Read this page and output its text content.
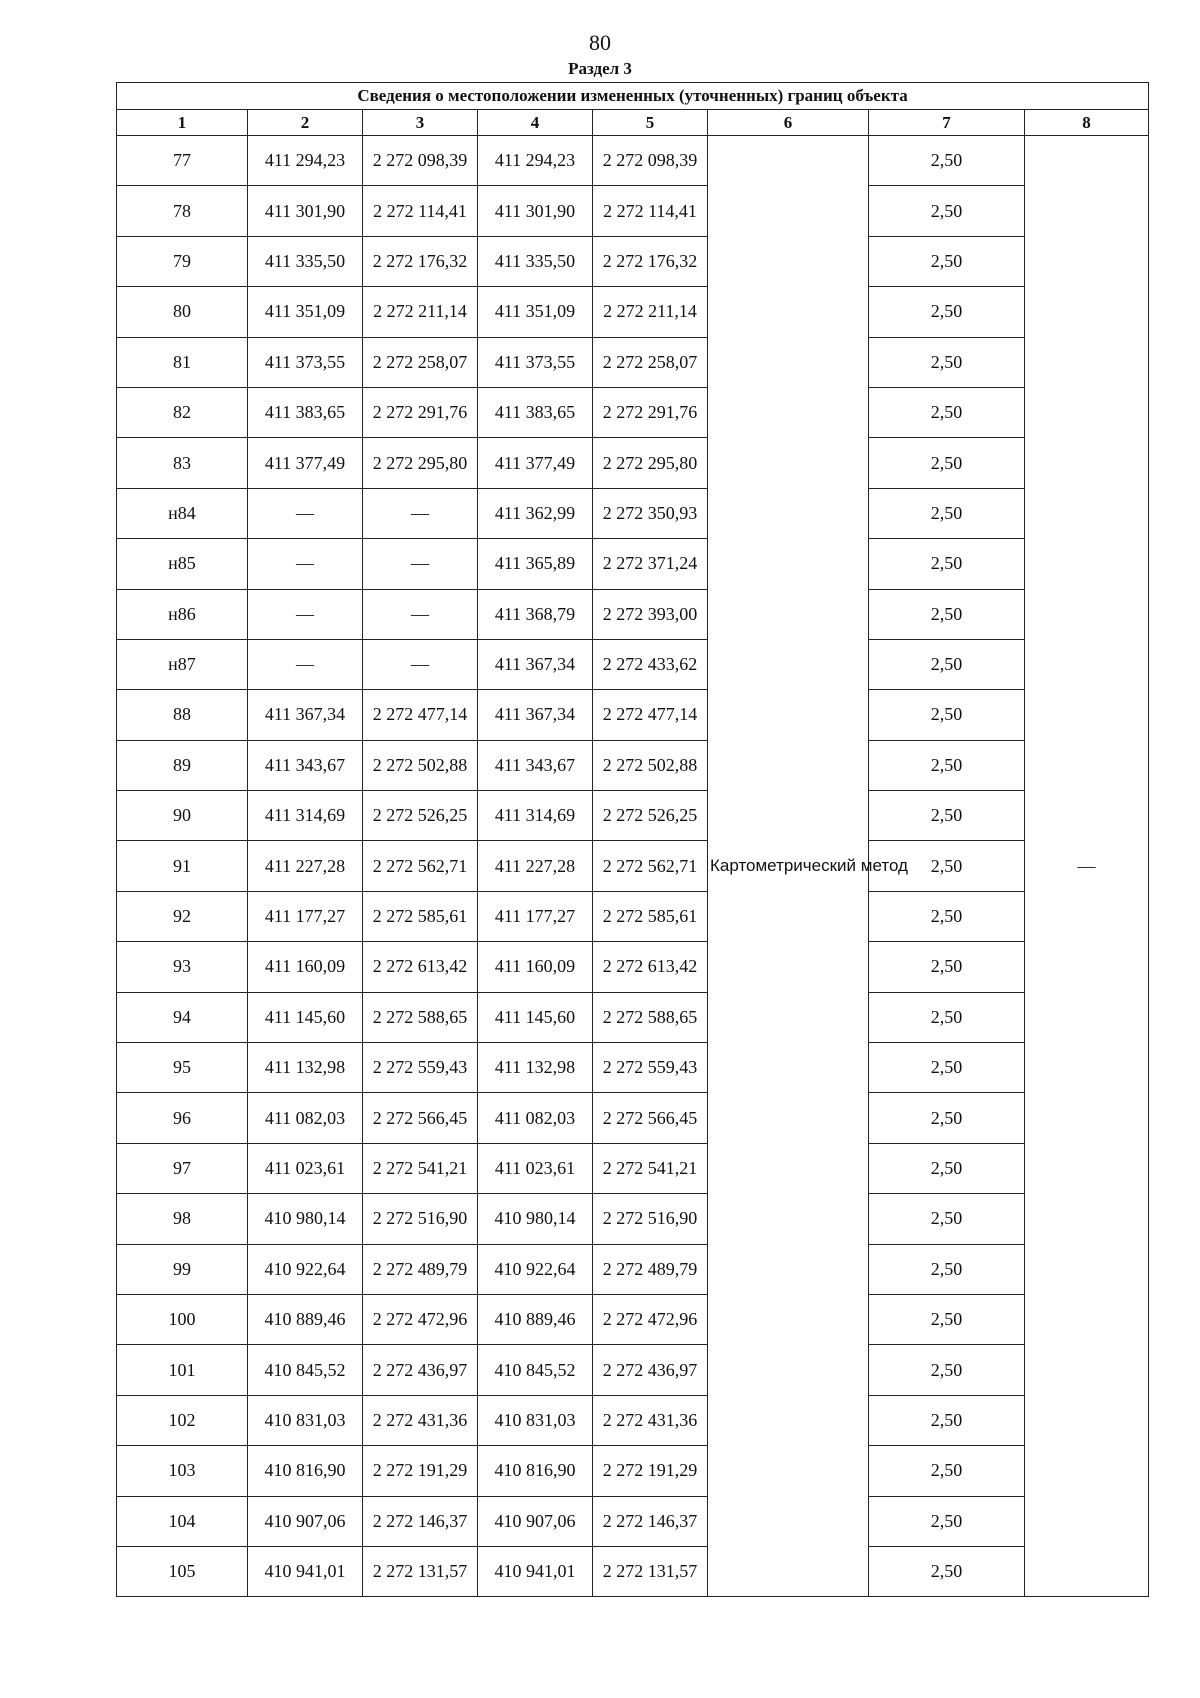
80
Раздел 3
Сведения о местоположении измененных (уточненных) границ объекта							
1	2	3	4	5	6	7	8
77	411 294,23	2 272 098,39	411 294,23	2 272 098,39	Картометрический метод	2,50	—
78	411 301,90	2 272 114,41	411 301,90	2 272 114,41		2,50	
79	411 335,50	2 272 176,32	411 335,50	2 272 176,32		2,50	
80	411 351,09	2 272 211,14	411 351,09	2 272 211,14		2,50	
81	411 373,55	2 272 258,07	411 373,55	2 272 258,07		2,50	
82	411 383,65	2 272 291,76	411 383,65	2 272 291,76		2,50	
83	411 377,49	2 272 295,80	411 377,49	2 272 295,80		2,50	
н84	—	—	411 362,99	2 272 350,93		2,50	
н85	—	—	411 365,89	2 272 371,24		2,50	
н86	—	—	411 368,79	2 272 393,00		2,50	
н87	—	—	411 367,34	2 272 433,62		2,50	
88	411 367,34	2 272 477,14	411 367,34	2 272 477,14		2,50	
89	411 343,67	2 272 502,88	411 343,67	2 272 502,88		2,50	
90	411 314,69	2 272 526,25	411 314,69	2 272 526,25		2,50	
91	411 227,28	2 272 562,71	411 227,28	2 272 562,71		2,50	
92	411 177,27	2 272 585,61	411 177,27	2 272 585,61		2,50	
93	411 160,09	2 272 613,42	411 160,09	2 272 613,42		2,50	
94	411 145,60	2 272 588,65	411 145,60	2 272 588,65		2,50	
95	411 132,98	2 272 559,43	411 132,98	2 272 559,43		2,50	
96	411 082,03	2 272 566,45	411 082,03	2 272 566,45		2,50	
97	411 023,61	2 272 541,21	411 023,61	2 272 541,21		2,50	
98	410 980,14	2 272 516,90	410 980,14	2 272 516,90		2,50	
99	410 922,64	2 272 489,79	410 922,64	2 272 489,79		2,50	
100	410 889,46	2 272 472,96	410 889,46	2 272 472,96		2,50	
101	410 845,52	2 272 436,97	410 845,52	2 272 436,97		2,50	
102	410 831,03	2 272 431,36	410 831,03	2 272 431,36		2,50	
103	410 816,90	2 272 191,29	410 816,90	2 272 191,29		2,50	
104	410 907,06	2 272 146,37	410 907,06	2 272 146,37		2,50	
105	410 941,01	2 272 131,57	410 941,01	2 272 131,57		2,50	
